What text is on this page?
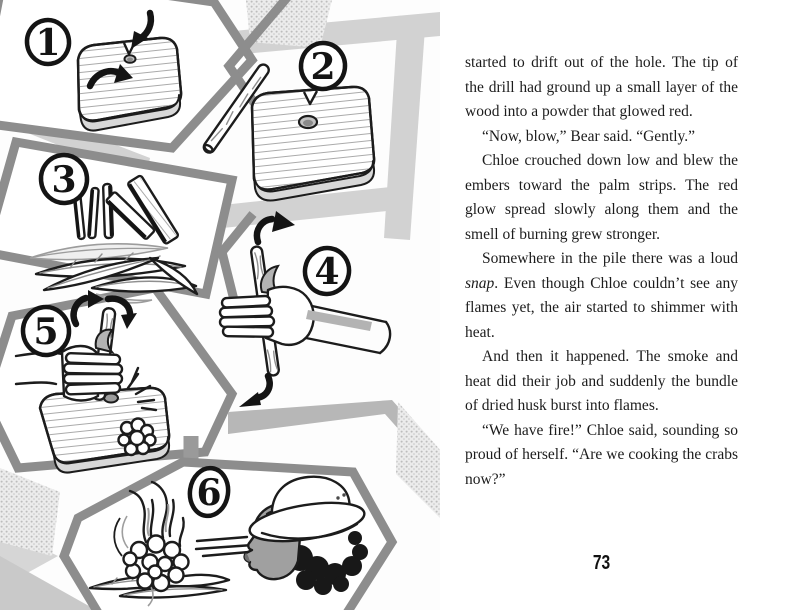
1
2
3
4
5
6

started to drift out of the hole. The tip of the drill had ground up a small layer of the wood into a powder that glowed red.

“Now, blow,” Bear said. “Gently.”

Chloe crouched down low and blew the embers toward the palm strips. The red glow spread slowly along them and the smell of burning grew stronger.

Somewhere in the pile there was a loud snap. Even though Chloe couldn’t see any flames yet, the air started to shimmer with heat.

And then it happened. The smoke and heat did their job and suddenly the bundle of dried husk burst into flames.

“We have fire!” Chloe said, sounding so proud of herself. “Are we cooking the crabs now?”

73
